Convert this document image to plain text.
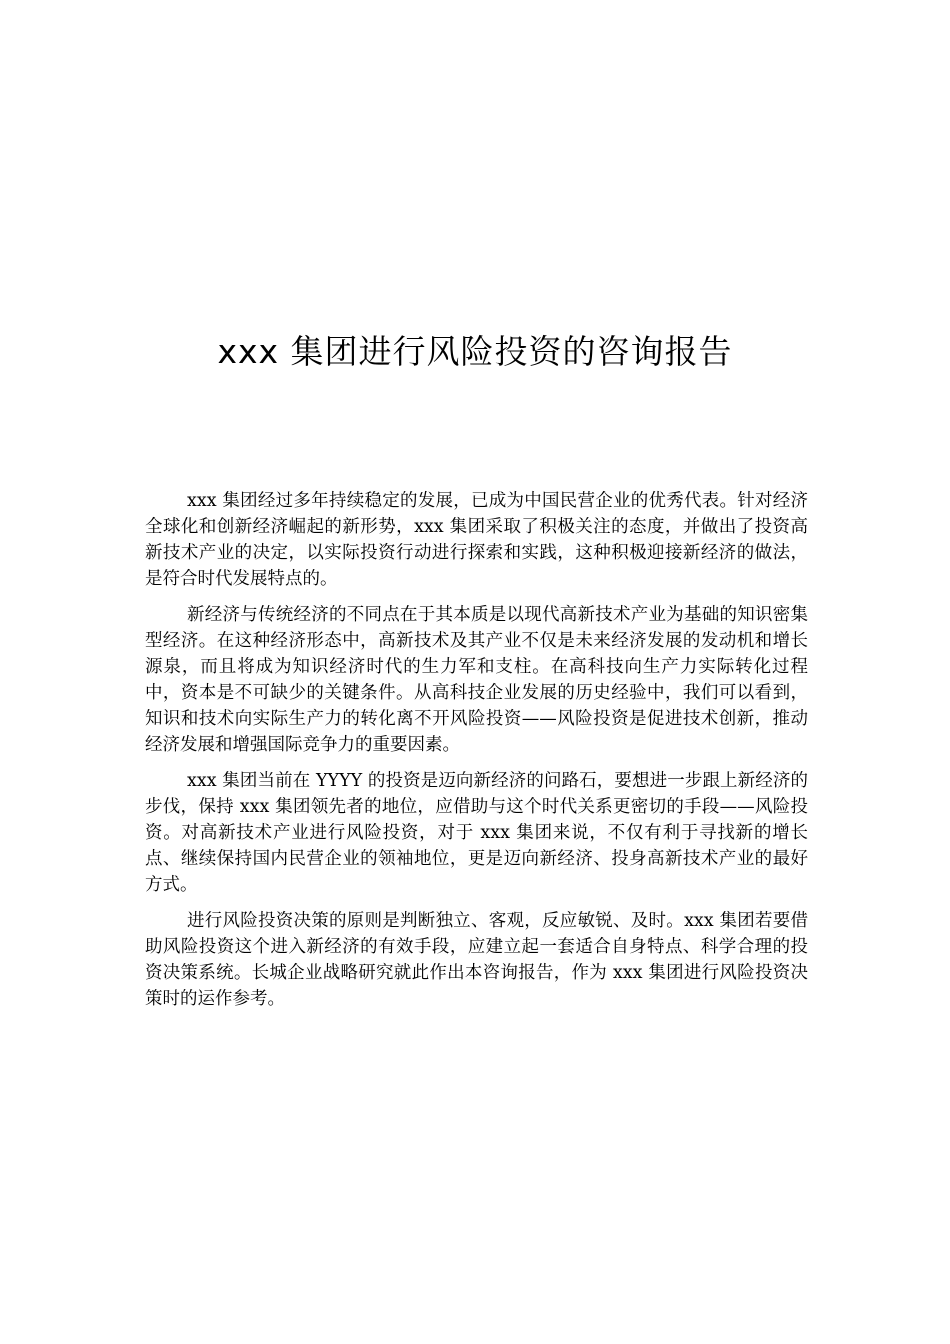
xxx 集团进行风险投资的咨询报告

xxx 集团经过多年持续稳定的发展，已成为中国民营企业的优秀代表。针对经济全球化和创新经济崛起的新形势，xxx 集团采取了积极关注的态度，并做出了投资高新技术产业的决定，以实际投资行动进行探索和实践，这种积极迎接新经济的做法，是符合时代发展特点的。

新经济与传统经济的不同点在于其本质是以现代高新技术产业为基础的知识密集型经济。在这种经济形态中，高新技术及其产业不仅是未来经济发展的发动机和增长源泉，而且将成为知识经济时代的生力军和支柱。在高科技向生产力实际转化过程中，资本是不可缺少的关键条件。从高科技企业发展的历史经验中，我们可以看到，知识和技术向实际生产力的转化离不开风险投资——风险投资是促进技术创新，推动经济发展和增强国际竞争力的重要因素。

xxx 集团当前在 YYYY 的投资是迈向新经济的问路石，要想进一步跟上新经济的步伐，保持 xxx 集团领先者的地位，应借助与这个时代关系更密切的手段——风险投资。对高新技术产业进行风险投资，对于 xxx 集团来说，不仅有利于寻找新的增长点、继续保持国内民营企业的领袖地位，更是迈向新经济、投身高新技术产业的最好方式。

进行风险投资决策的原则是判断独立、客观，反应敏锐、及时。xxx 集团若要借助风险投资这个进入新经济的有效手段，应建立起一套适合自身特点、科学合理的投资决策系统。长城企业战略研究就此作出本咨询报告，作为 xxx 集团进行风险投资决策时的运作参考。
